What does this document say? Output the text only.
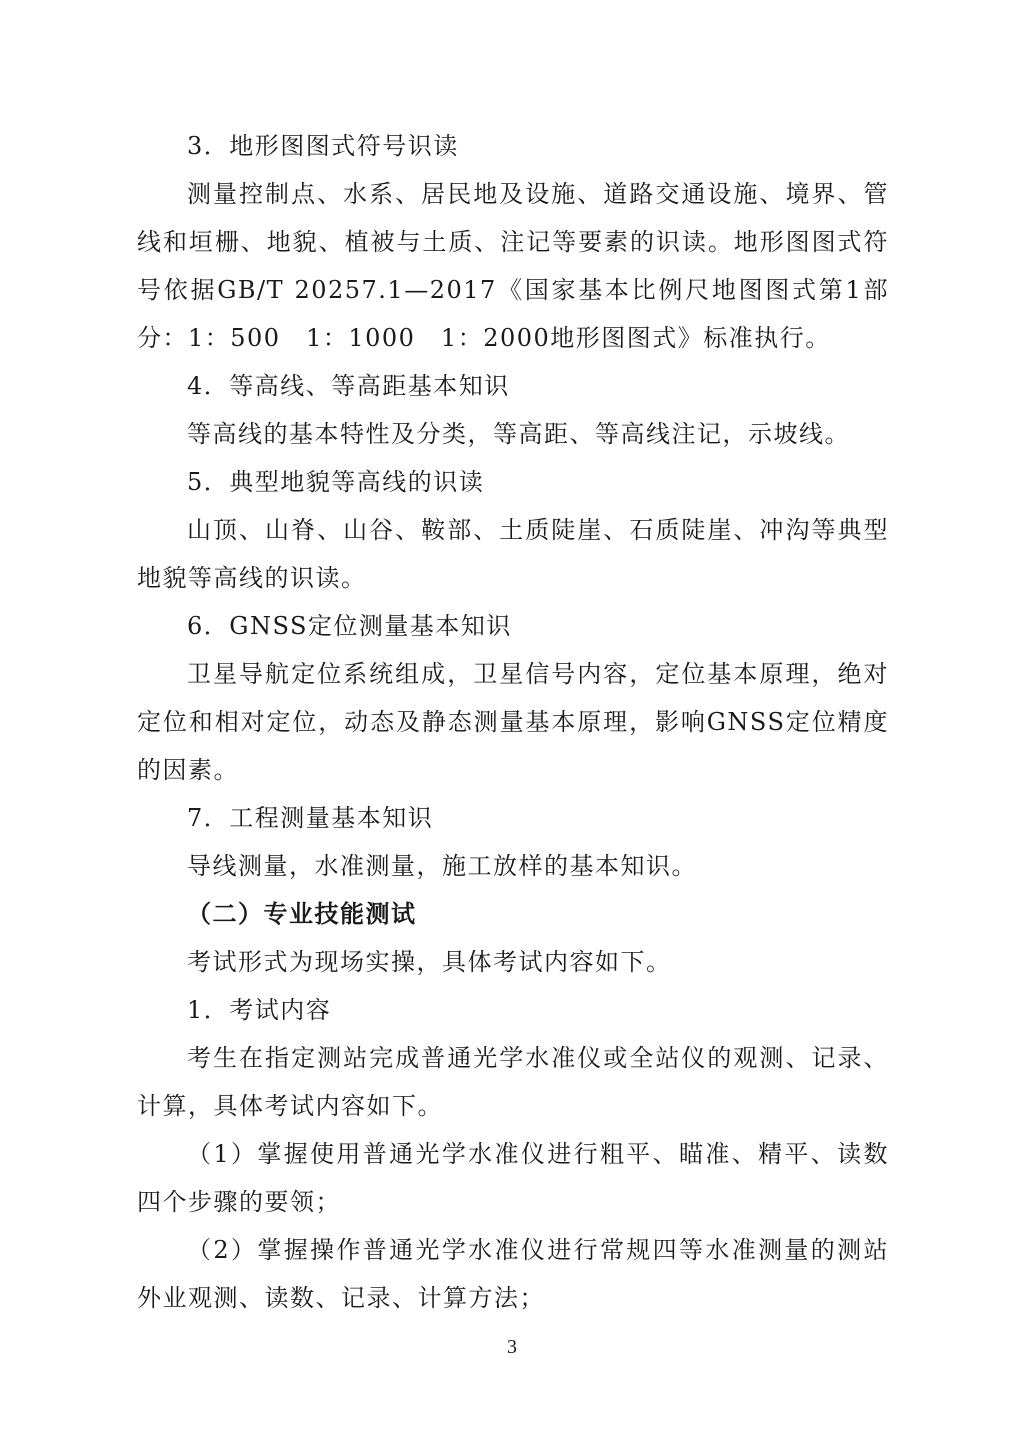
3．地形图图式符号识读

测量控制点、水系、居民地及设施、道路交通设施、境界、管线和垣栅、地貌、植被与土质、注记等要素的识读。地形图图式符号依据GB/T 20257.1—2017《国家基本比例尺地图图式第1部分：1：500　1：1000　1：2000地形图图式》标准执行。

4．等高线、等高距基本知识

等高线的基本特性及分类，等高距、等高线注记，示坡线。

5．典型地貌等高线的识读

山顶、山脊、山谷、鞍部、土质陡崖、石质陡崖、冲沟等典型地貌等高线的识读。

6．GNSS定位测量基本知识

卫星导航定位系统组成，卫星信号内容，定位基本原理，绝对定位和相对定位，动态及静态测量基本原理，影响GNSS定位精度的因素。

7．工程测量基本知识

导线测量，水准测量，施工放样的基本知识。

（二）专业技能测试

考试形式为现场实操，具体考试内容如下。

1．考试内容

考生在指定测站完成普通光学水准仪或全站仪的观测、记录、计算，具体考试内容如下。

（1）掌握使用普通光学水准仪进行粗平、瞄准、精平、读数四个步骤的要领；

（2）掌握操作普通光学水准仪进行常规四等水准测量的测站外业观测、读数、记录、计算方法；

3
